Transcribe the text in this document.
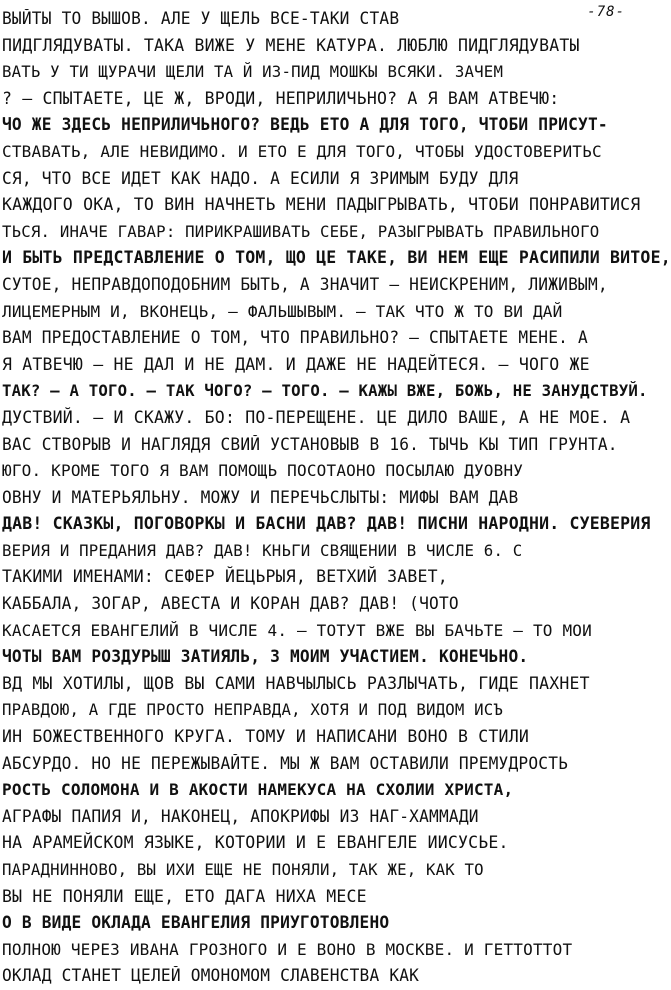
-78-
ВЫЙТЫ ТО ВЫШОВ. АЛЕ У ЩЕЛЬ ВСЕ-ТАКИ СТАВ
ПИДГЛЯДУВАТЫ. ТАКА ВИЖЕ У МЕНЕ КАТУРА. ЛЮБЛЮ ПИДГЛЯДУВАТЫ
ВАТЬ У ТИ ЩУРАЧИ ЩЕЛИ ТА Й ИЗ-ПИД МОШКЫ ВСЯКИ. ЗАЧЕМ
? — СПЫТАЕТЕ, ЦЕ Ж, ВРОДИ, НЕПРИЛИЧЬНО? А Я ВАМ АТВЕЧЮ:
ЧО ЖЕ ЗДЕСЬ НЕПРИЛИЧЬНОГО? ВЕДЬ ЕТО А ДЛЯ ТОГО, ЧТОБИ ПРИСУТ-
СТВАВАТЬ, АЛЕ НЕВИДИМО. И ЕТО Е ДЛЯ ТОГО, ЧТОБЫ УДОСТОВЕРИТЬС
СЯ, ЧТО ВСЕ ИДЕТ КАК НАДО. А ЕСИЛИ Я ЗРИМЫМ БУДУ ДЛЯ
КАЖДОГО ОКА, ТО ВИН НАЧНЕТЬ МЕНИ ПАДЫГРЫВАТЬ, ЧТОБИ ПОНРАВИТИСЯ
ТЬСЯ. ИНАЧЕ ГАВАР: ПИРИКРАШИВАТЬ СЕБЕ, РАЗЫГРЫВАТЬ ПРАВИЛЬНОГО
И БЫТЬ ПРЕДСТАВЛЕНИЕ О ТОМ, ЩО ЦЕ ТАКЕ, ВИ НЕМ ЕЩЕ РАСИПИЛИ ВИТОЕ,
СУТОЕ, НЕПРАВДОПОДОБНИМ БЫТЬ, А ЗНАЧИТ — НЕИСКРЕНИМ, ЛИЖИВЫМ,
ЛИЦЕМЕРНЫМ И, ВКОНЕЦЬ, — ФАЛЬШЫВЫМ. — ТАК ЧТО Ж ТО ВИ ДАЙ
ВАМ ПРЕДОСТАВЛЕНИЕ О ТОМ, ЧТО ПРАВИЛЬНО? — СПЫТАЕТЕ МЕНЕ. А
Я АТВЕЧЮ — НЕ ДАЛ И НЕ ДАМ. И ДАЖЕ НЕ НАДЕЙТЕСЯ. — ЧОГО ЖЕ
ТАК? — А ТОГО. — ТАК ЧОГО? — ТОГО. — КАЖЫ ВЖЕ, БОЖЬ, НЕ ЗАНУДСТВУЙ.
ДУСТВИЙ. — И СКАЖУ. БО: ПО-ПЕРЕЩЕНЕ. ЦЕ ДИЛО ВАШЕ, А НЕ МОЕ. А
ВАС СТВОРЫВ И НАГЛЯДЯ СВИЙ УСТАНОВЫВ В 16. ТЫЧЬ КЫ ТИП ГРУНТА.
ЮГО. КРОМЕ ТОГО Я ВАМ ПОМОЩЬ ПОСОТАОНО ПОСЫЛАЮ ДУОВНУ
ОВНУ И МАТЕРЬЯЛЬНУ. МОЖУ И ПЕРЕЧЬСЛЫТЫ: МИФЫ ВАМ ДАВ
ДАВ! СКАЗКЫ, ПОГОВОРКЫ И БАСНИ ДАВ? ДАВ! ПИСНИ НАРОДНИ. СУЕВЕРИЯ
ВЕРИЯ И ПРЕДАНИЯ ДАВ? ДАВ! КНЬГИ СВЯЩЕНИИ В ЧИСЛЕ 6. С
ТАКИМИ ИМЕНАМИ: СЕФЕР ЙЕЦЬРЫЯ, ВЕТХИЙ ЗАВЕТ,
КАББАЛА, ЗОГАР, АВЕСТА И КОРАН ДАВ? ДАВ! (ЧОТО
КАСАЕТСЯ ЕВАНГЕЛИЙ В ЧИСЛЕ 4. — ТОТУТ ВЖЕ ВЫ БАЧЬТЕ — ТО МОИ
ЧОТЫ ВАМ РОЗДУРЫШ ЗАТИЯЛЬ, З МОИМ УЧАСТИЕМ. КОНЕЧЬНО.
ВД МЫ ХОТИЛЫ, ЩОВ ВЫ САМИ НАВЧЫЛЫСЬ РАЗЛЫЧАТЬ, ГИДЕ ПАХНЕТ
ПРАВДОЮ, А ГДЕ ПРОСТО НЕПРАВДА, ХОТЯ И ПОД ВИДОМ ИСЪ
ИН БОЖЕСТВЕННОГО КРУГА. ТОМУ И НАПИСАНИ ВОНО В СТИЛИ
АБСУРДО. НО НЕ ПЕРЕЖЫВАЙТЕ. МЫ Ж ВАМ ОСТАВИЛИ ПРЕМУДРОСТЬ
РОСТЬ СОЛОМОНА И В АКОСТИ НАМЕКУСА НА СХОЛИИ ХРИСТА,
АГРАФЫ ПАПИЯ И, НАКОНЕЦ, АПОКРИФЫ ИЗ НАГ-ХАММАДИ
НА АРАМЕЙСКОМ ЯЗЫКЕ, КОТОРИИ И Е ЕВАНГЕЛЕ ИИСУСЬЕ.
ПАРАДНИННОВО, ВЫ ИХИ ЕЩЕ НЕ ПОНЯЛИ, ТАК ЖЕ, КАК ТО
ВЫ НЕ ПОНЯЛИ ЕЩЕ, ЕТО ДАГА НИХА МЕСЕ
О В ВИДЕ ОКЛАДА ЕВАНГЕЛИЯ ПРИУГОТОВЛЕНО
ПОЛНОЮ ЧЕРЕЗ ИВАНА ГРОЗНОГО И Е ВОНО В МОСКВЕ. И ГЕТТОТТОТ
ОКЛАД СТАНЕТ ЦЕЛЕЙ ОМОНОМОМ СЛАВЕНСТВА КАК
